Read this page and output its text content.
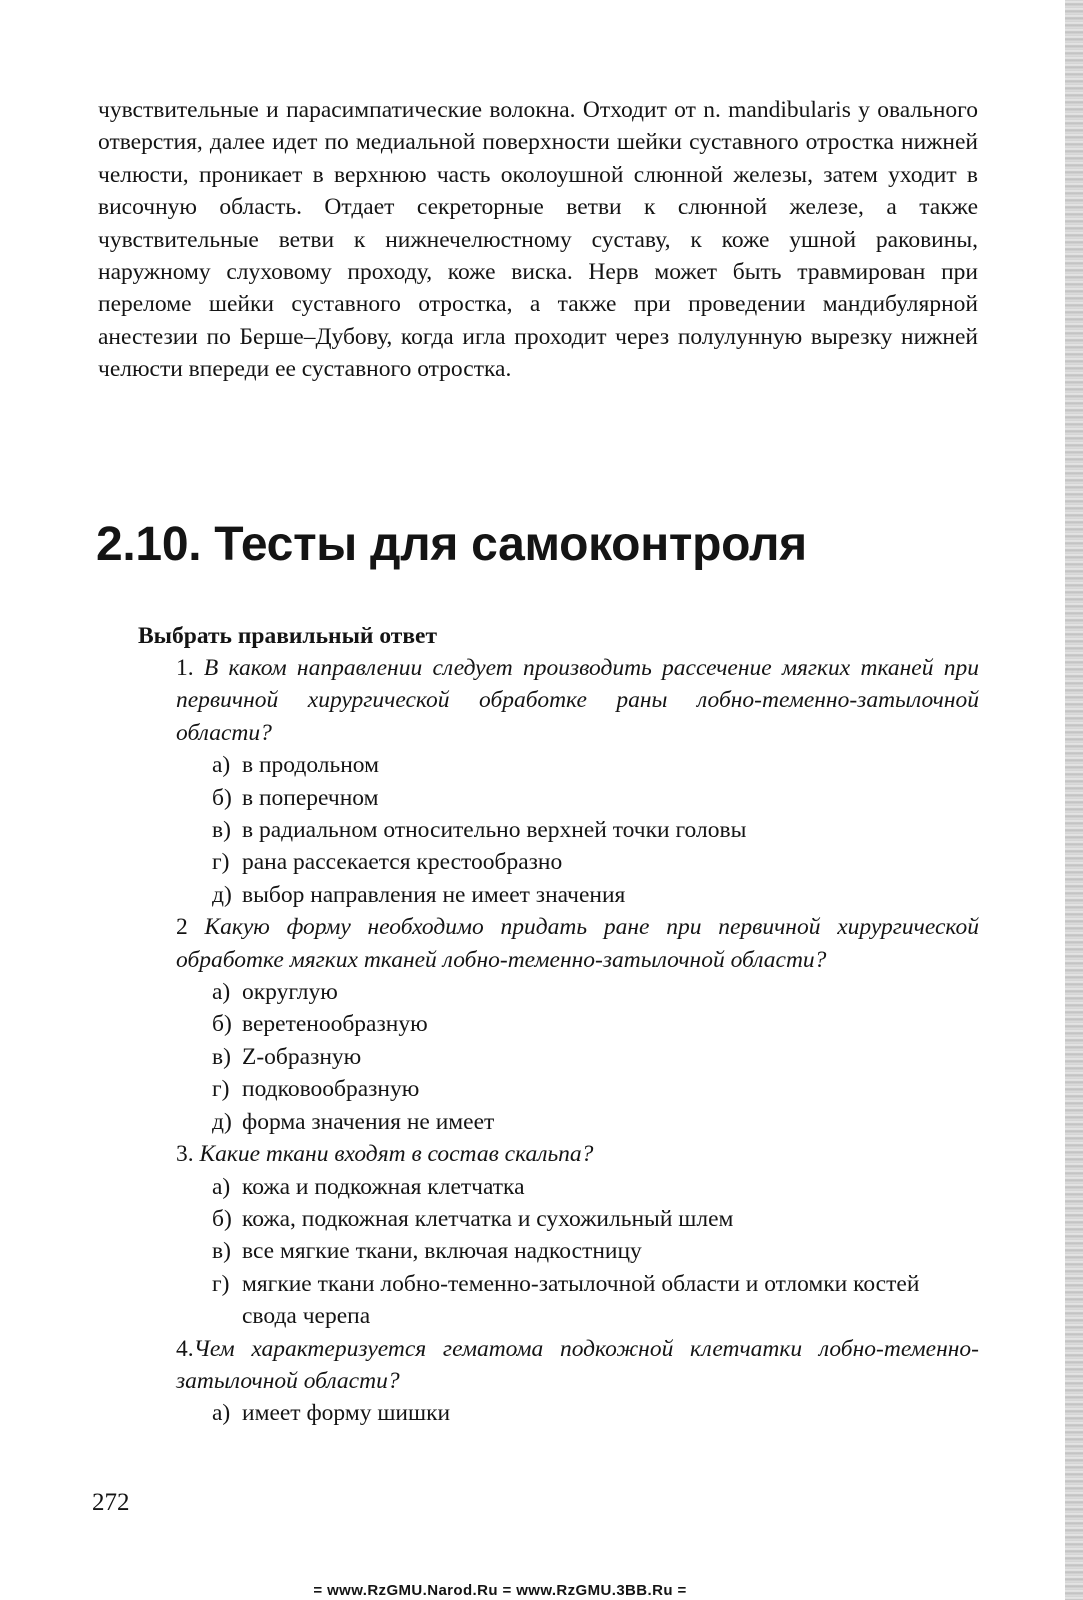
чувствительные и парасимпатические волокна. Отходит от n. mandibularis у овального отверстия, далее идет по медиальной поверхности шейки суставного отростка нижней челюсти, проникает в верхнюю часть околоушной слюнной железы, затем уходит в височную область. Отдает секреторные ветви к слюнной железе, а также чувствительные ветви к нижнечелюстному суставу, к коже ушной раковины, наружному слуховому проходу, коже виска. Нерв может быть травмирован при переломе шейки суставного отростка, а также при проведении мандибулярной анестезии по Берше–Дубову, когда игла проходит через полулунную вырезку нижней челюсти впереди ее суставного отростка.

2.10. Тесты для самоконтроля

Выбрать правильный ответ

1. В каком направлении следует производить рассечение мягких тканей при первичной хирургической обработке раны лобно-теменно-затылочной области?

а) в продольном
б) в поперечном
в) в радиальном относительно верхней точки головы
г) рана рассекается крестообразно
д) выбор направления не имеет значения

2 Какую форму необходимо придать ране при первичной хирургической обработке мягких тканей лобно-теменно-затылочной области?

а) округлую
б) веретенообразную
в) Z-образную
г) подковообразную
д) форма значения не имеет

3. Какие ткани входят в состав скальпа?

а) кожа и подкожная клетчатка
б) кожа, подкожная клетчатка и сухожильный шлем
в) все мягкие ткани, включая надкостницу
г) мягкие ткани лобно-теменно-затылочной области и отломки костей свода черепа

4.Чем характеризуется гематома подкожной клетчатки лобно-теменно-затылочной области?

а) имеет форму шишки

272

= www.RzGMU.Narod.Ru = www.RzGMU.3BB.Ru =
